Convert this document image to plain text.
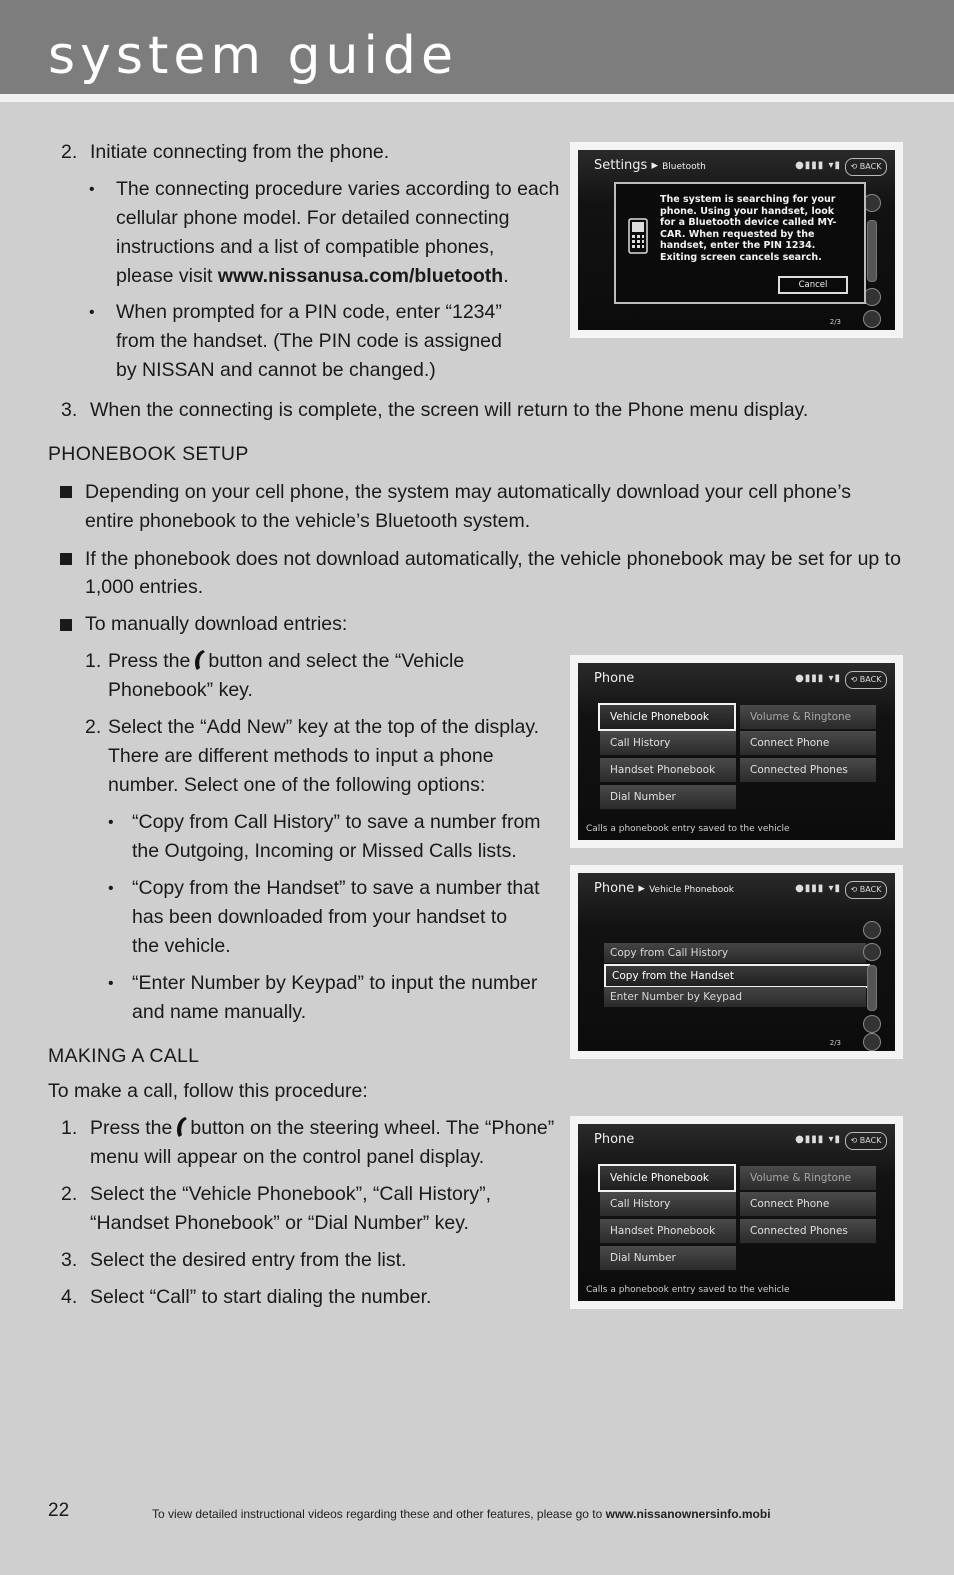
system guide
2. Initiate connecting from the phone.
• The connecting procedure varies according to each
cellular phone model. For detailed connecting
instructions and a list of compatible phones,
please visit www.nissanusa.com/bluetooth.
• When prompted for a PIN code, enter “1234”
from the handset. (The PIN code is assigned
by NISSAN and cannot be changed.)
3. When the connecting is complete, the screen will return to the Phone menu display.
PHONEBOOK SETUP
Depending on your cell phone, the system may automatically download your cell phone’s
entire phonebook to the vehicle’s Bluetooth system.
If the phonebook does not download automatically, the vehicle phonebook may be set for up to
1,000 entries.
To manually download entries:
1. Press the button and select the “Vehicle
Phonebook” key.
2. Select the “Add New” key at the top of the display.
There are different methods to input a phone
number. Select one of the following options:
• “Copy from Call History” to save a number from
the Outgoing, Incoming or Missed Calls lists.
• “Copy from the Handset” to save a number that
has been downloaded from your handset to
the vehicle.
• “Enter Number by Keypad” to input the number
and name manually.
MAKING A CALL
To make a call, follow this procedure:
1. Press the button on the steering wheel. The “Phone”
menu will appear on the control panel display.
2. Select the “Vehicle Phonebook”, “Call History”,
“Handset Phonebook” or “Dial Number” key.
3. Select the desired entry from the list.
4. Select “Call” to start dialing the number.
Settings ▸ Bluetooth	●▮▮▮ ▾▮	⟲ BACK
The system is searching for your
phone. Using your handset, look
for a Bluetooth device called MY-
CAR. When requested by the
handset, enter the PIN 1234.
Exiting screen cancels search.
Cancel
2/3
Phone	●▮▮▮ ▾▮	⟲ BACK
Vehicle Phonebook
Call History
Handset Phonebook
Dial Number
Volume & Ringtone
Connect Phone
Connected Phones
Calls a phonebook entry saved to the vehicle
Phone ▸ Vehicle Phonebook	●▮▮▮ ▾▮	⟲ BACK
Copy from Call History
Copy from the Handset
Enter Number by Keypad
2/3
Phone	●▮▮▮ ▾▮	⟲ BACK
Vehicle Phonebook
Call History
Handset Phonebook
Dial Number
Volume & Ringtone
Connect Phone
Connected Phones
Calls a phonebook entry saved to the vehicle
22	To view detailed instructional videos regarding these and other features, please go to www.nissanownersinfo.mobi
